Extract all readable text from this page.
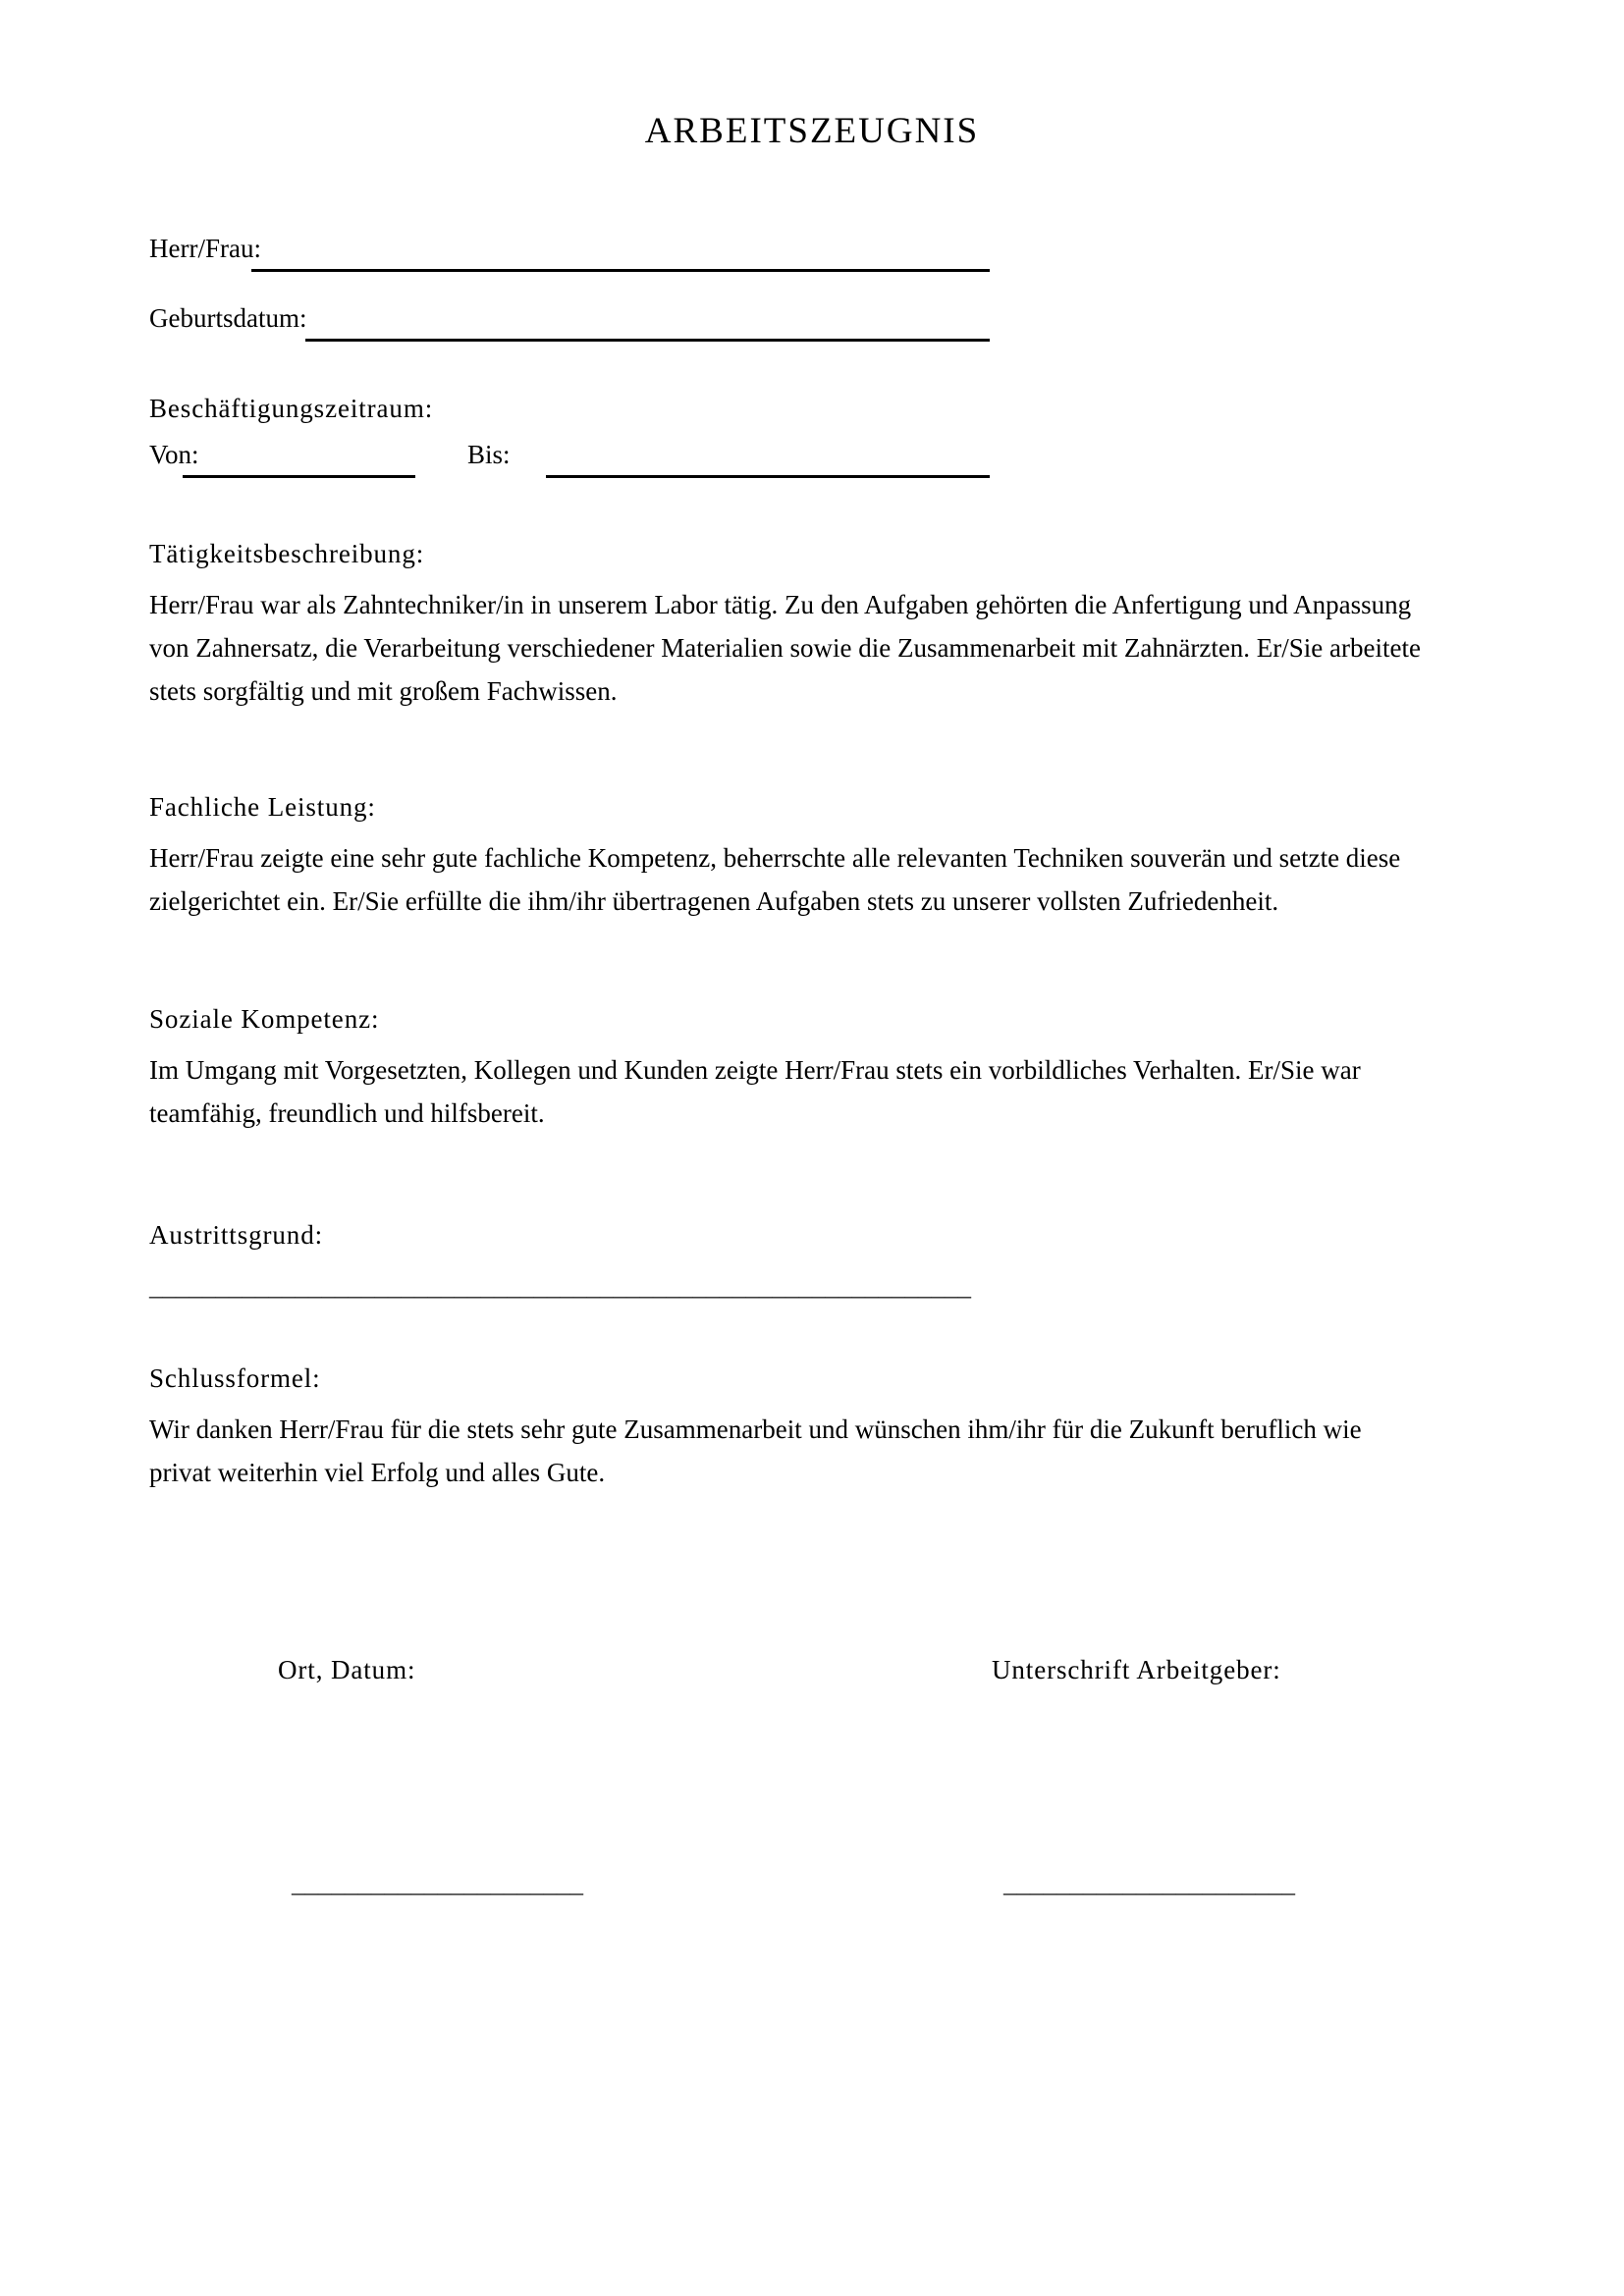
ARBEITSZEUGNIS
Herr/Frau:
Geburtsdatum:
Beschäftigungszeitraum:
Von:	Bis:
Tätigkeitsbeschreibung:
Herr/Frau war als Zahntechniker/in in unserem Labor tätig. Zu den Aufgaben gehörten die Anfertigung und Anpassung
von Zahnersatz, die Verarbeitung verschiedener Materialien sowie die Zusammenarbeit mit Zahnärzten. Er/Sie arbeitete
stets sorgfältig und mit großem Fachwissen.
Fachliche Leistung:
Herr/Frau zeigte eine sehr gute fachliche Kompetenz, beherrschte alle relevanten Techniken souverän und setzte diese
zielgerichtet ein. Er/Sie erfüllte die ihm/ihr übertragenen Aufgaben stets zu unserer vollsten Zufriedenheit.
Soziale Kompetenz:
Im Umgang mit Vorgesetzten, Kollegen und Kunden zeigte Herr/Frau stets ein vorbildliches Verhalten. Er/Sie war
teamfähig, freundlich und hilfsbereit.
Austrittsgrund:
______________________________________________________________
Schlussformel:
Wir danken Herr/Frau für die stets sehr gute Zusammenarbeit und wünschen ihm/ihr für die Zukunft beruflich wie
privat weiterhin viel Erfolg und alles Gute.
Ort, Datum:	Unterschrift Arbeitgeber:
______________________	______________________
